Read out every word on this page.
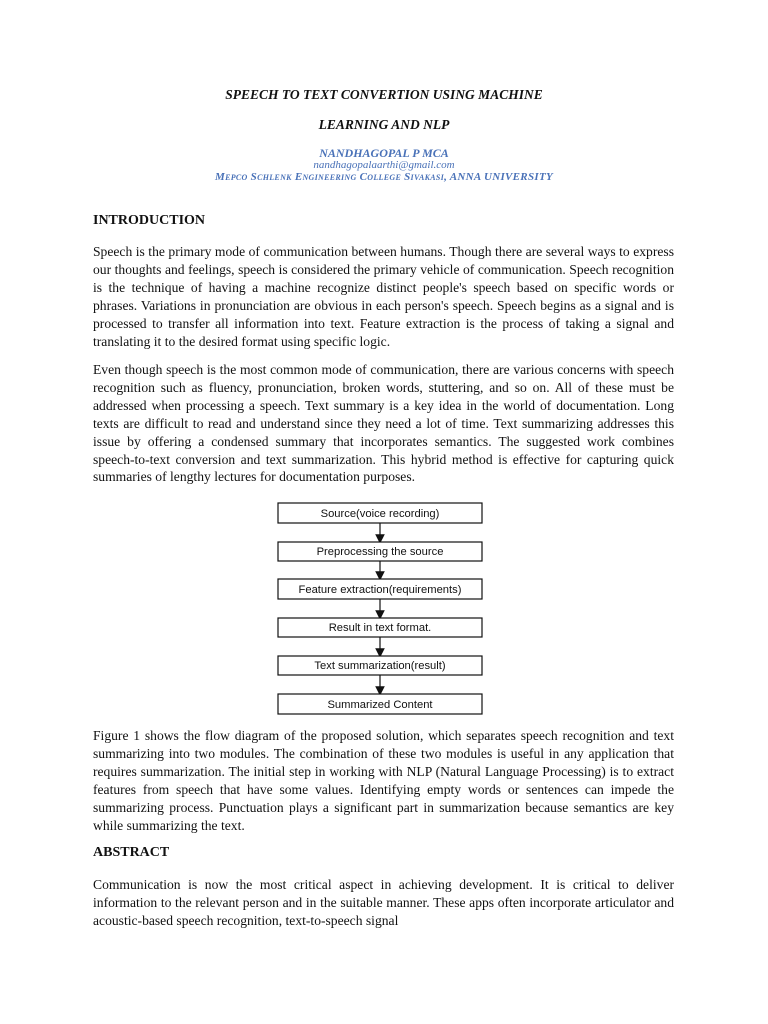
SPEECH TO TEXT CONVERTION USING MACHINE
LEARNING AND NLP
NANDHAGOPAL P MCA
nandhagopalaarthi@gmail.com
Mepco Schlenk Engineering College Sivakasi, ANNA UNIVERSITY
INTRODUCTION
Speech is the primary mode of communication between humans. Though there are several ways to express our thoughts and feelings, speech is considered the primary vehicle of communication. Speech recognition is the technique of having a machine recognize distinct people's speech based on specific words or phrases. Variations in pronunciation are obvious in each person's speech. Speech begins as a signal and is processed to transfer all information into text. Feature extraction is the process of taking a signal and translating it to the desired format using specific logic.
Even though speech is the most common mode of communication, there are various concerns with speech recognition such as fluency, pronunciation, broken words, stuttering, and so on. All of these must be addressed when processing a speech. Text summary is a key idea in the world of documentation. Long texts are difficult to read and understand since they need a lot of time. Text summarizing addresses this issue by offering a condensed summary that incorporates semantics. The suggested work combines speech-to-text conversion and text summarization. This hybrid method is effective for capturing quick summaries of lengthy lectures for documentation purposes.
Source(voice recording)
Preprocessing the source
Feature extraction(requirements)
Result in text format.
Text summarization(result)
Summarized Content
Figure 1 shows the flow diagram of the proposed solution, which separates speech recognition and text summarizing into two modules. The combination of these two modules is useful in any application that requires summarization. The initial step in working with NLP (Natural Language Processing) is to extract features from speech that have some values. Identifying empty words or sentences can impede the summarizing process. Punctuation plays a significant part in summarization because semantics are key while summarizing the text.
ABSTRACT
Communication is now the most critical aspect in achieving development. It is critical to deliver information to the relevant person and in the suitable manner. These apps often incorporate articulator and acoustic-based speech recognition, text-to-speech signal
